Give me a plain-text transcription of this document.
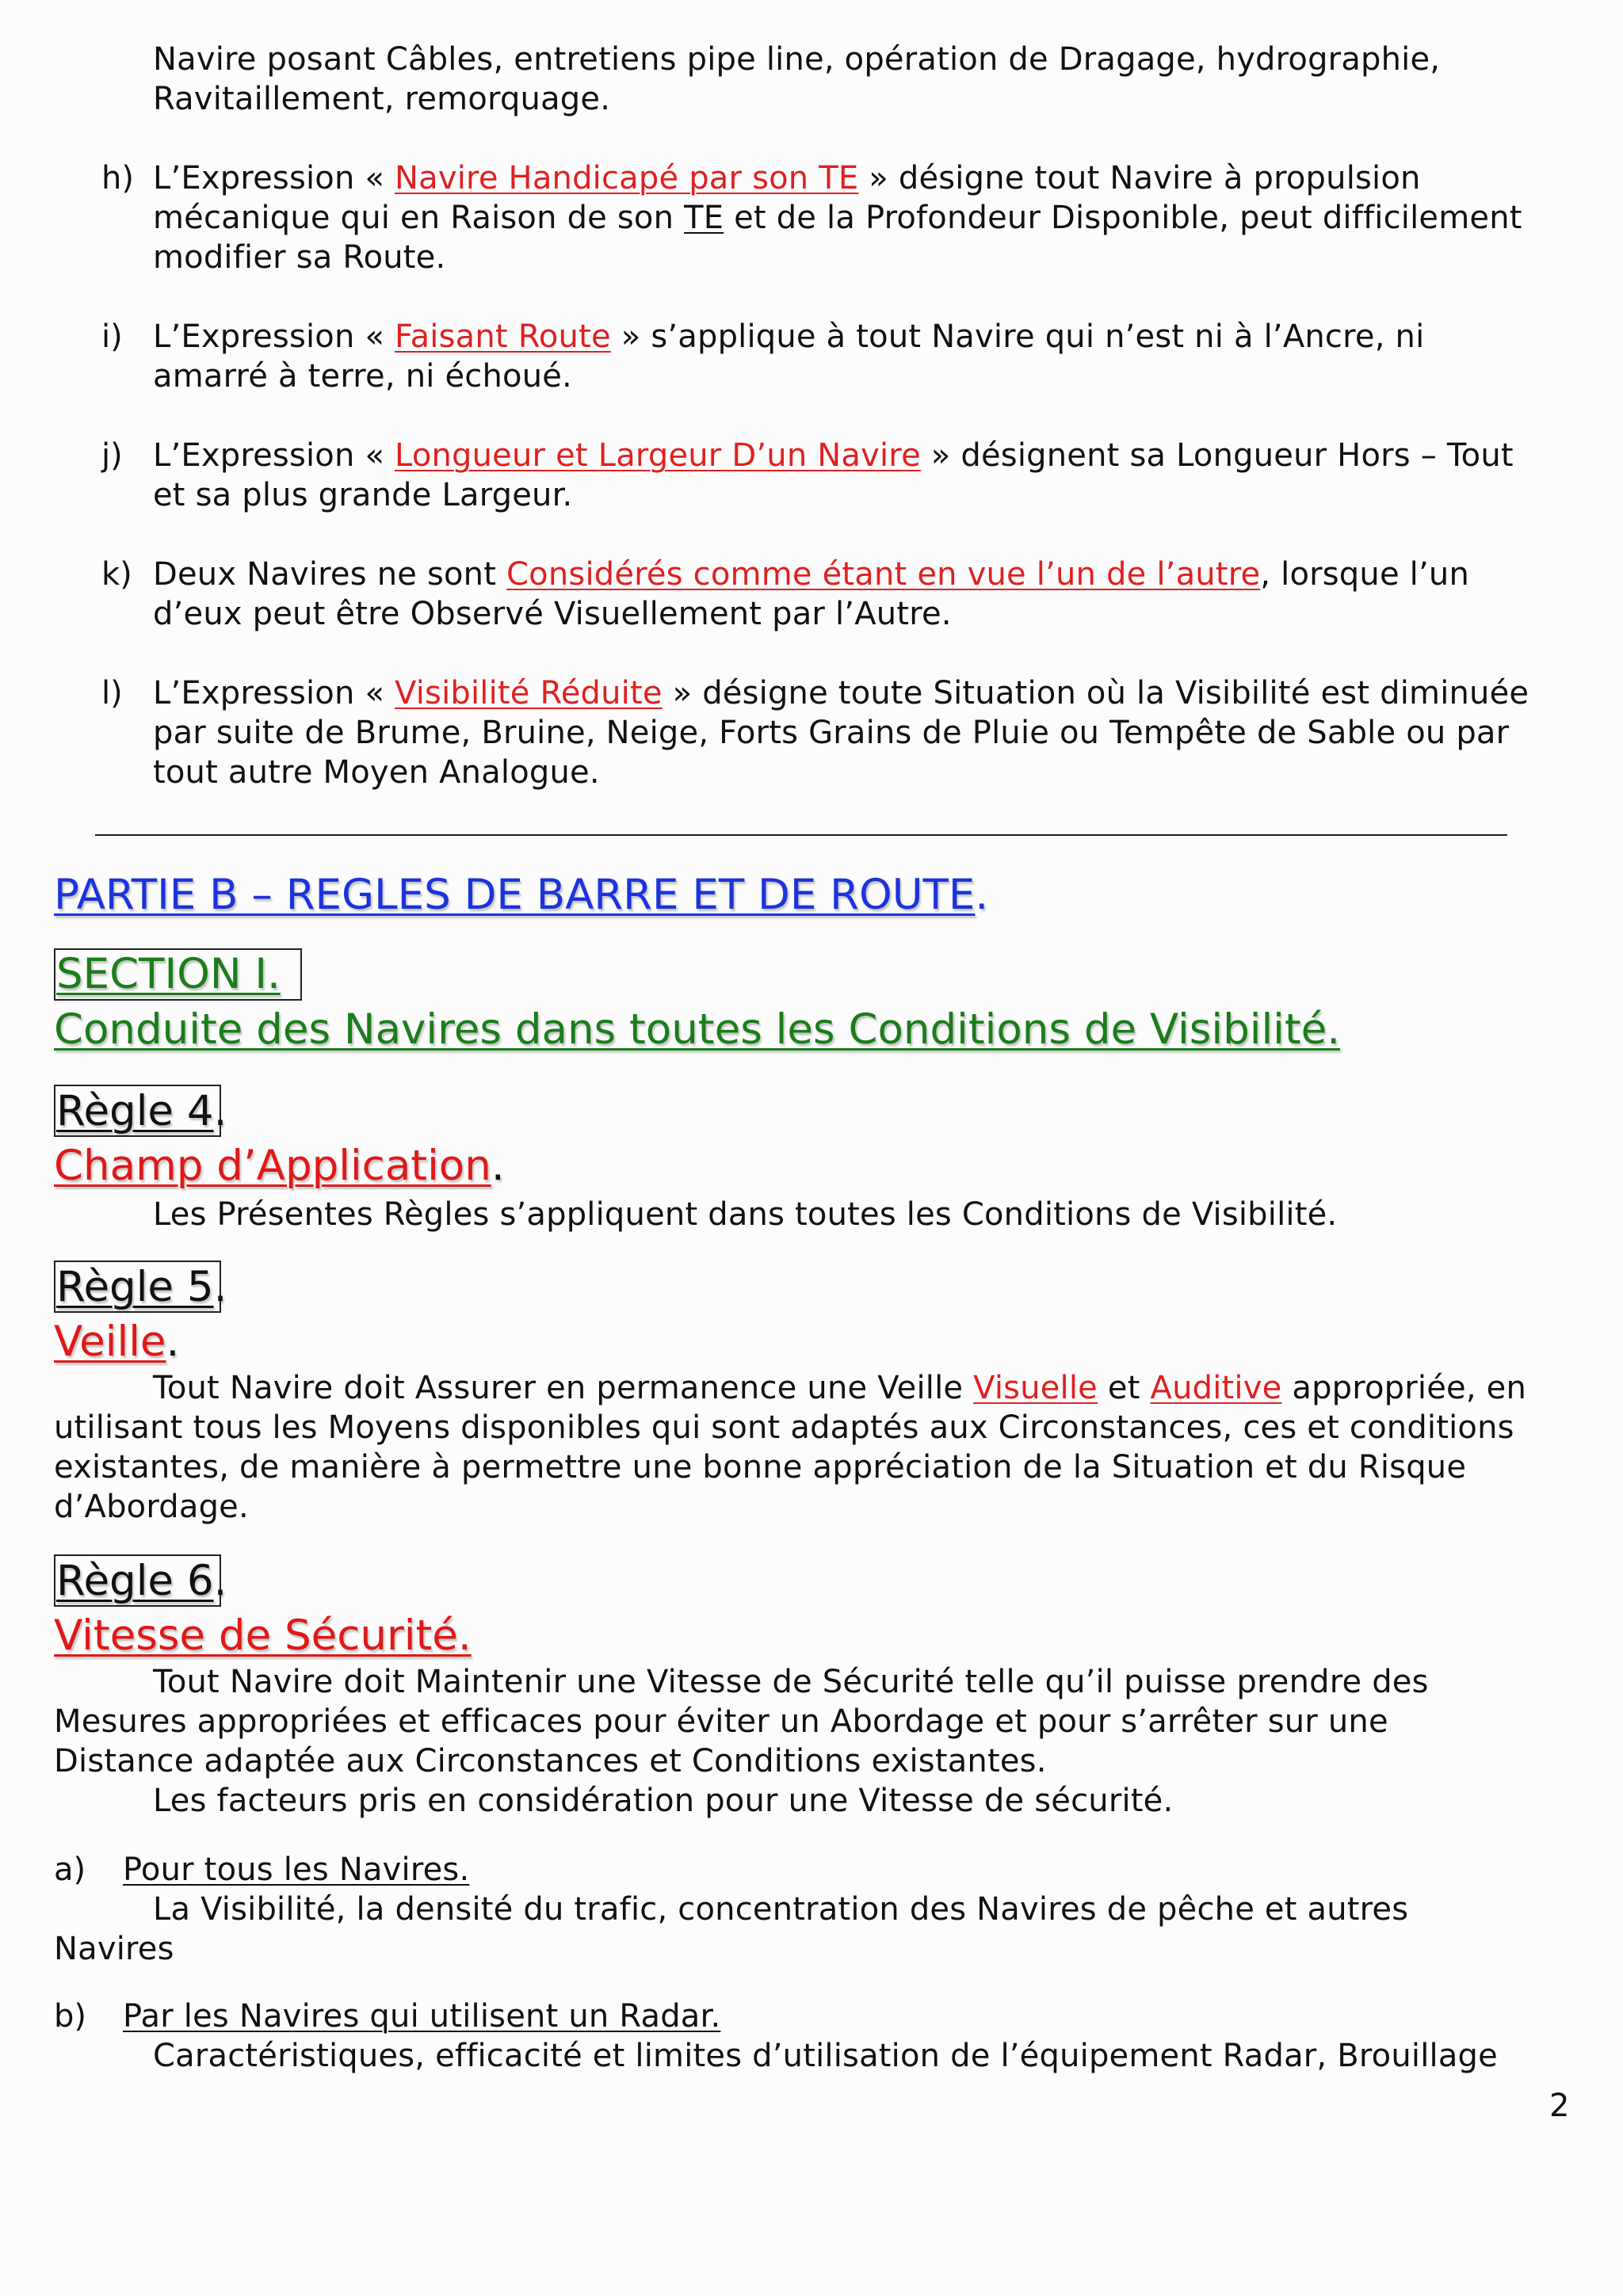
Navire posant Câbles, entretiens pipe line, opération de Dragage, hydrographie,
Ravitaillement, remorquage.
h) L’Expression « Navire Handicapé par son TE » désigne tout Navire à propulsion
mécanique qui en Raison de son TE et de la Profondeur Disponible, peut difficilement
modifier sa Route.
i) L’Expression « Faisant Route » s’applique à tout Navire qui n’est ni à l’Ancre, ni
amarré à terre, ni échoué.
j) L’Expression « Longueur et Largeur D’un Navire » désignent sa Longueur Hors – Tout
et sa plus grande Largeur.
k) Deux Navires ne sont Considérés comme étant en vue l’un de l’autre, lorsque l’un
d’eux peut être Observé Visuellement par l’Autre.
l) L’Expression « Visibilité Réduite » désigne toute Situation où la Visibilité est diminuée
par suite de Brume, Bruine, Neige, Forts Grains de Pluie ou Tempête de Sable ou par
tout autre Moyen Analogue.
PARTIE B – REGLES DE BARRE ET DE ROUTE.
SECTION I.
Conduite des Navires dans toutes les Conditions de Visibilité.
Règle 4.
Champ d’Application.
Les Présentes Règles s’appliquent dans toutes les Conditions de Visibilité.
Règle 5.
Veille.
Tout Navire doit Assurer en permanence une Veille Visuelle et Auditive appropriée, en
utilisant tous les Moyens disponibles qui sont adaptés aux Circonstances, ces et conditions
existantes, de manière à permettre une bonne appréciation de la Situation et du Risque
d’Abordage.
Règle 6.
Vitesse de Sécurité.
Tout Navire doit Maintenir une Vitesse de Sécurité telle qu’il puisse prendre des
Mesures appropriées et efficaces pour éviter un Abordage et pour s’arrêter sur une
Distance adaptée aux Circonstances et Conditions existantes.
Les facteurs pris en considération pour une Vitesse de sécurité.
a) Pour tous les Navires.
La Visibilité, la densité du trafic, concentration des Navires de pêche et autres
Navires
b) Par les Navires qui utilisent un Radar.
Caractéristiques, efficacité et limites d’utilisation de l’équipement Radar, Brouillage
2
